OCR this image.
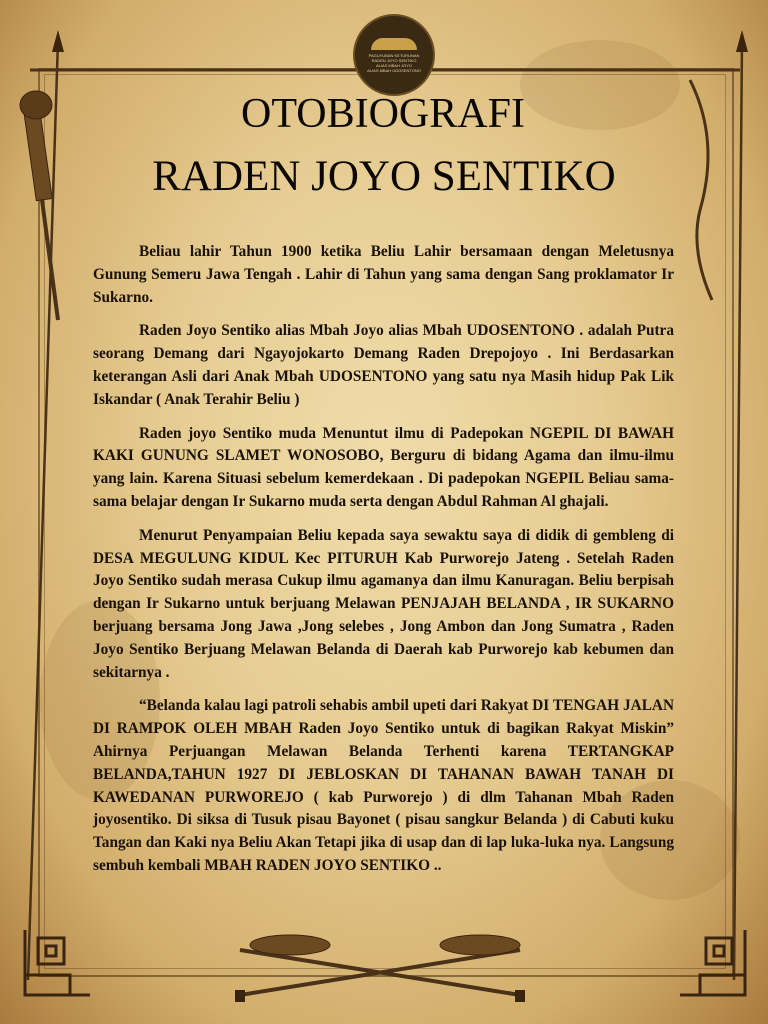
PAGUYUBAN KETURUNAN
RADEN JOYO SENTIKO
ALIAS MBAH JOYO
ALIAS MBAH UDOSENTONO
OTOBIOGRAFI
RADEN JOYO SENTIKO

Beliau lahir Tahun 1900 ketika Beliu Lahir bersamaan dengan Meletusnya Gunung Semeru Jawa Tengah . Lahir di Tahun yang sama dengan Sang proklamator Ir Sukarno.

Raden Joyo Sentiko alias Mbah Joyo alias Mbah UDOSENTONO . adalah Putra seorang Demang dari Ngayojokarto Demang Raden Drepojoyo . Ini Berdasarkan keterangan Asli dari Anak Mbah UDOSENTONO yang satu nya Masih hidup Pak Lik Iskandar ( Anak Terahir Beliu )

Raden joyo Sentiko muda Menuntut ilmu di Padepokan NGEPIL DI BAWAH KAKI GUNUNG SLAMET WONOSOBO, Berguru di bidang Agama dan ilmu-ilmu yang lain. Karena Situasi sebelum kemerdekaan . Di padepokan NGEPIL Beliau sama-sama belajar dengan Ir Sukarno muda serta dengan Abdul Rahman Al ghajali.

Menurut Penyampaian Beliu kepada saya sewaktu saya di didik di gembleng di DESA MEGULUNG KIDUL Kec PITURUH Kab Purworejo Jateng . Setelah Raden Joyo Sentiko sudah merasa Cukup ilmu agamanya dan ilmu Kanuragan. Beliu berpisah dengan Ir Sukarno untuk berjuang Melawan PENJAJAH BELANDA , IR SUKARNO berjuang bersama Jong Jawa ,Jong selebes , Jong Ambon dan Jong Sumatra , Raden Joyo Sentiko Berjuang Melawan Belanda di Daerah kab Purworejo kab kebumen dan sekitarnya .

“Belanda kalau lagi patroli sehabis ambil upeti dari Rakyat DI TENGAH JALAN DI RAMPOK OLEH MBAH Raden Joyo Sentiko untuk di bagikan Rakyat Miskin” Ahirnya Perjuangan Melawan Belanda Terhenti karena TERTANGKAP BELANDA,TAHUN 1927 DI JEBLOSKAN DI TAHANAN BAWAH TANAH DI KAWEDANAN PURWOREJO ( kab Purworejo ) di dlm Tahanan Mbah Raden joyosentiko. Di siksa di Tusuk pisau Bayonet ( pisau sangkur Belanda ) di Cabuti kuku Tangan dan Kaki nya Beliu Akan Tetapi jika di usap dan di lap luka-luka nya. Langsung sembuh kembali MBAH RADEN JOYO SENTIKO ..
